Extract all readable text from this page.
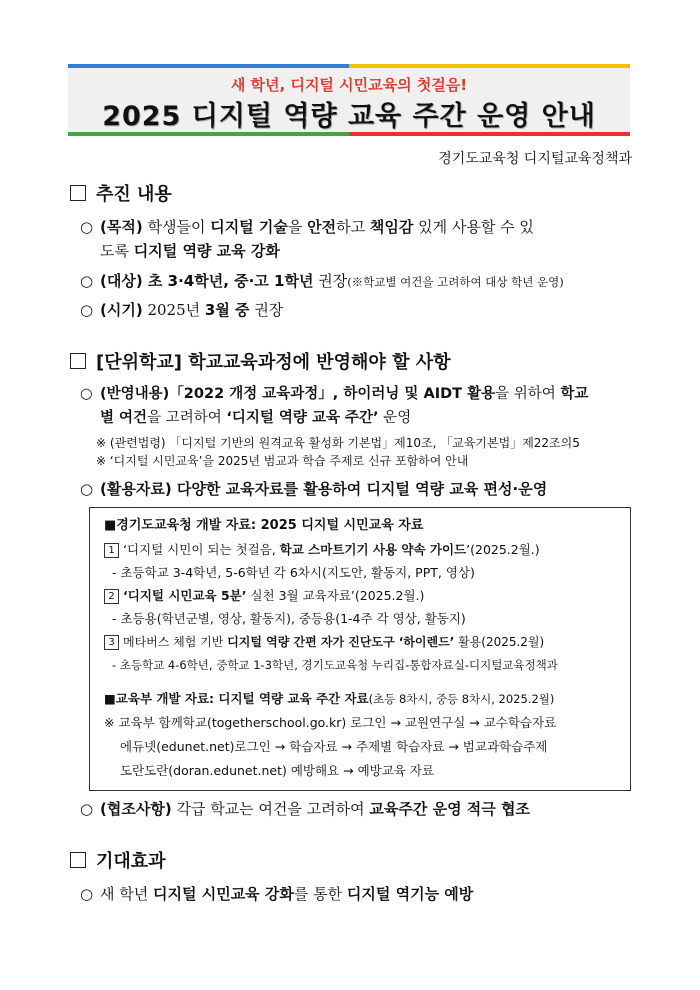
새 학년, 디지털 시민교육의 첫걸음!
2025 디지털 역량 교육 주간 운영 안내
경기도교육청 디지털교육정책과
추진 내용
○ (목적) 학생들이 디지털 기술을 안전하고 책임감 있게 사용할 수 있
도록 디지털 역량 교육 강화
○ (대상) 초 3·4학년, 중·고 1학년 권장(※학교별 여건을 고려하여 대상 학년 운영)
○ (시기) 2025년 3월 중 권장
[단위학교] 학교교육과정에 반영해야 할 사항
○ (반영내용)「2022 개정 교육과정」, 하이러닝 및 AIDT 활용을 위하여 학교
별 여건을 고려하여 ‘디지털 역량 교육 주간’ 운영
※ (관련법령) 「디지털 기반의 원격교육 활성화 기본법」제10조, 「교육기본법」제22조의5
※ ‘디지털 시민교육’을 2025년 범교과 학습 주제로 신규 포함하여 안내
○ (활용자료) 다양한 교육자료를 활용하여 디지털 역량 교육 편성·운영
■경기도교육청 개발 자료: 2025 디지털 시민교육 자료
1 ‘디지털 시민이 되는 첫걸음, 학교 스마트기기 사용 약속 가이드’(2025.2월.)
- 초등학교 3-4학년, 5-6학년 각 6차시(지도안, 활동지, PPT, 영상)
2 ‘디지털 시민교육 5분’ 실천 3월 교육자료’(2025.2월.)
- 초등용(학년군별, 영상, 활동지), 중등용(1-4주 각 영상, 활동지)
3 메타버스 체험 기반 디지털 역량 간편 자가 진단도구 ‘하이렌드’ 활용(2025.2월)
- 초등학교 4-6학년, 중학교 1-3학년, 경기도교육청 누리집-통합자료실-디지털교육정책과
■교육부 개발 자료: 디지털 역량 교육 주간 자료(초등 8차시, 중등 8차시, 2025.2월)
※ 교육부 함께학교(togetherschool.go.kr) 로그인 → 교원연구실 → 교수학습자료
에듀넷(edunet.net)로그인 → 학습자료 → 주제별 학습자료 → 범교과학습주제
도란도란(doran.edunet.net) 예방해요 → 예방교육 자료
○ (협조사항) 각급 학교는 여건을 고려하여 교육주간 운영 적극 협조
기대효과
○ 새 학년 디지털 시민교육 강화를 통한 디지털 역기능 예방
